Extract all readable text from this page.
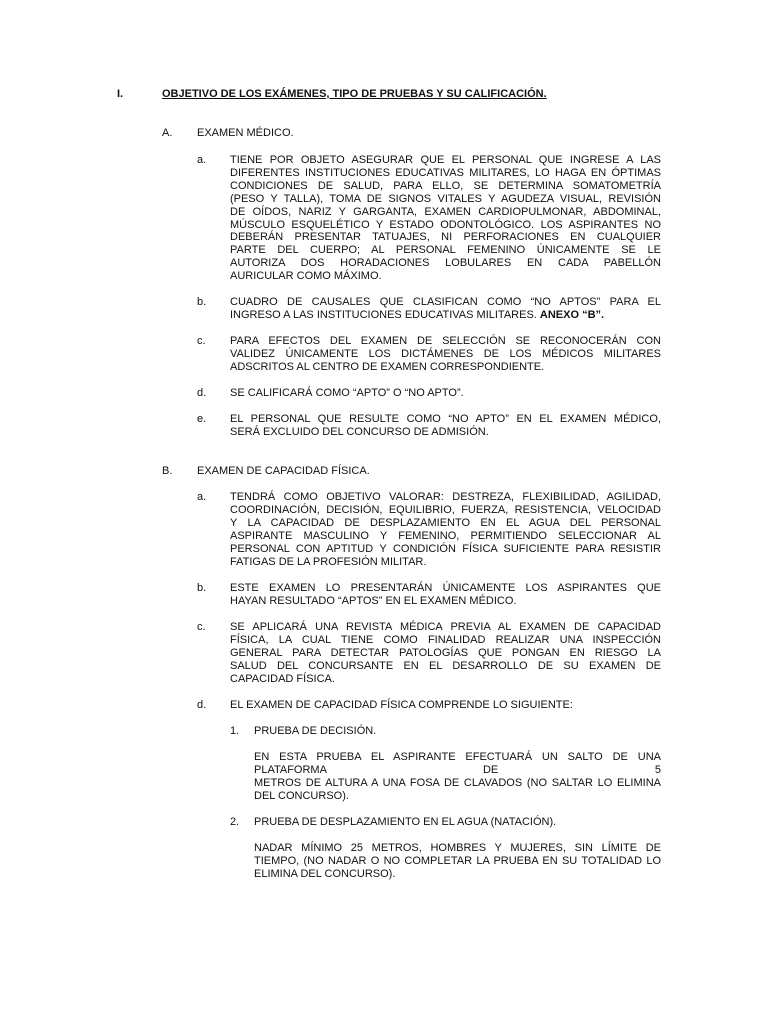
I.	OBJETIVO DE LOS EXÁMENES, TIPO DE PRUEBAS Y SU CALIFICACIÓN.
A. EXAMEN MÉDICO.
a. TIENE POR OBJETO ASEGURAR QUE EL PERSONAL QUE INGRESE A LAS
DIFERENTES INSTITUCIONES EDUCATIVAS MILITARES, LO HAGA EN ÓPTIMAS
CONDICIONES DE SALUD, PARA ELLO, SE DETERMINA SOMATOMETRÍA
(PESO Y TALLA), TOMA DE SIGNOS VITALES Y AGUDEZA VISUAL, REVISIÓN
DE OÍDOS, NARIZ Y GARGANTA, EXAMEN CARDIOPULMONAR, ABDOMINAL,
MÚSCULO ESQUELÉTICO Y ESTADO ODONTOLÓGICO. LOS ASPIRANTES NO
DEBERÁN PRESENTAR TATUAJES, NI PERFORACIONES EN CUALQUIER
PARTE DEL CUERPO; AL PERSONAL FEMENINO ÚNICAMENTE SE LE
AUTORIZA DOS HORADACIONES LOBULARES EN CADA PABELLÓN
AURICULAR COMO MÁXIMO.
b. CUADRO DE CAUSALES QUE CLASIFICAN COMO “NO APTOS” PARA EL
INGRESO A LAS INSTITUCIONES EDUCATIVAS MILITARES. ANEXO “B”.
c. PARA EFECTOS DEL EXAMEN DE SELECCIÓN SE RECONOCERÁN CON
VALIDEZ ÚNICAMENTE LOS DICTÁMENES DE LOS MÉDICOS MILITARES
ADSCRITOS AL CENTRO DE EXAMEN CORRESPONDIENTE.
d. SE CALIFICARÁ COMO “APTO” O “NO APTO”.
e. EL PERSONAL QUE RESULTE COMO “NO APTO” EN EL EXAMEN MÉDICO,
SERÁ EXCLUIDO DEL CONCURSO DE ADMISIÓN.
B. EXAMEN DE CAPACIDAD FÍSICA.
a. TENDRÁ COMO OBJETIVO VALORAR: DESTREZA, FLEXIBILIDAD, AGILIDAD,
COORDINACIÓN, DECISIÓN, EQUILIBRIO, FUERZA, RESISTENCIA, VELOCIDAD
Y LA CAPACIDAD DE DESPLAZAMIENTO EN EL AGUA DEL PERSONAL
ASPIRANTE MASCULINO Y FEMENINO, PERMITIENDO SELECCIONAR AL
PERSONAL CON APTITUD Y CONDICIÓN FÍSICA SUFICIENTE PARA RESISTIR
FATIGAS DE LA PROFESIÓN MILITAR.
b. ESTE EXAMEN LO PRESENTARÁN ÚNICAMENTE LOS ASPIRANTES QUE
HAYAN RESULTADO “APTOS” EN EL EXAMEN MÉDICO.
c. SE APLICARÁ UNA REVISTA MÉDICA PREVIA AL EXAMEN DE CAPACIDAD
FÍSICA, LA CUAL TIENE COMO FINALIDAD REALIZAR UNA INSPECCIÓN
GENERAL PARA DETECTAR PATOLOGÍAS QUE PONGAN EN RIESGO LA
SALUD DEL CONCURSANTE EN EL DESARROLLO DE SU EXAMEN DE
CAPACIDAD FÍSICA.
d. EL EXAMEN DE CAPACIDAD FÍSICA COMPRENDE LO SIGUIENTE:
1. PRUEBA DE DECISIÓN.
EN ESTA PRUEBA EL ASPIRANTE EFECTUARÁ UN SALTO DE UNA
PLATAFORMA DE 5
METROS DE ALTURA A UNA FOSA DE CLAVADOS (NO SALTAR LO ELIMINA
DEL CONCURSO).
2. PRUEBA DE DESPLAZAMIENTO EN EL AGUA (NATACIÓN).
NADAR MÍNIMO 25 METROS, HOMBRES Y MUJERES, SIN LÍMITE DE
TIEMPO, (NO NADAR O NO COMPLETAR LA PRUEBA EN SU TOTALIDAD LO
ELIMINA DEL CONCURSO).
